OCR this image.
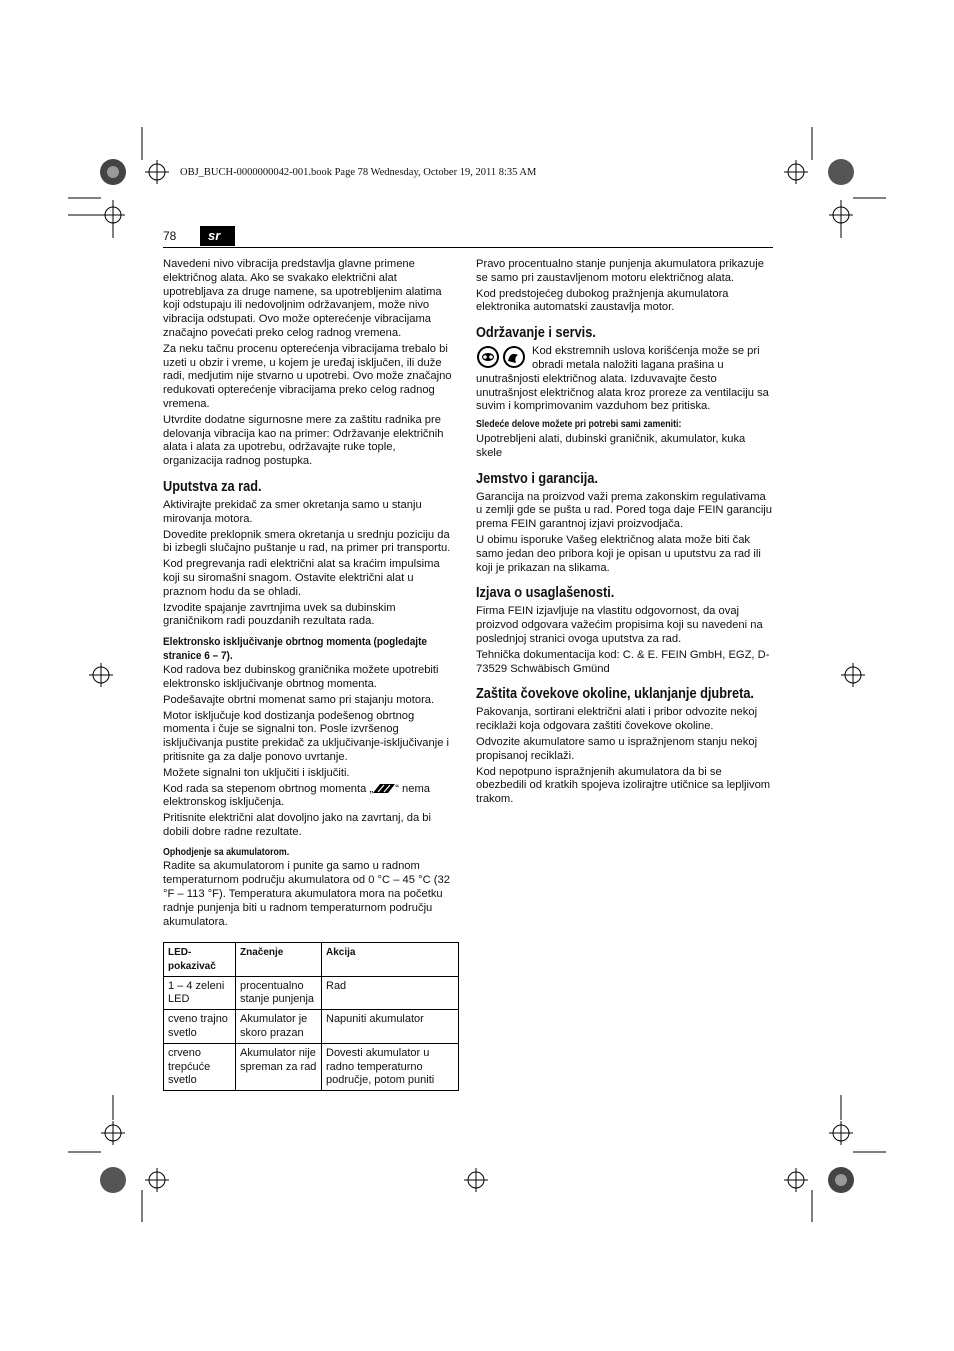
OBJ_BUCH-0000000042-001.book Page 78 Wednesday, October 19, 2011 8:35 AM
78	sr

Navedeni nivo vibracija predstavlja glavne primene električnog alata. Ako se svakako električni alat upotrebljava za druge namene, sa upotrebljenim alatima koji odstupaju ili nedovoljnim održavanjem, može nivo vibracija odstupati. Ovo može opterećenje vibracijama značajno povećati preko celog radnog vremena.

Za neku tačnu procenu opterećenja vibracijama trebalo bi uzeti u obzir i vreme, u kojem je uređaj isključen, ili duže radi, medjutim nije stvarno u upotrebi. Ovo može značajno redukovati opterećenje vibracijama preko celog radnog vremena.

Utvrdite dodatne sigurnosne mere za zaštitu radnika pre delovanja vibracija kao na primer: Održavanje električnih alata i alata za upotrebu, održavajte ruke tople, organizacija radnog postupka.

Uputstva za rad.

Aktivirajte prekidač za smer okretanja samo u stanju mirovanja motora.

Dovedite preklopnik smera okretanja u srednju poziciju da bi izbegli slučajno puštanje u rad, na primer pri transportu.

Kod pregrevanja radi električni alat sa kraćim impulsima koji su siromašni snagom. Ostavite električni alat u praznom hodu da se ohladi.

Izvodite spajanje zavrtnjima uvek sa dubinskim graničnikom radi pouzdanih rezultata rada.

Elektronsko isključivanje obrtnog momenta (pogledajte stranice 6 – 7).

Kod radova bez dubinskog graničnika možete upotrebiti elektronsko isključivanje obrtnog momenta.

Podešavajte obrtni momenat samo pri stajanju motora.

Motor isključuje kod dostizanja podešenog obrtnog momenta i čuje se signalni ton. Posle izvršenog isključivanja pustite prekidač za uključivanje-isključivanje i pritisnite ga za dalje ponovo uvrtanje.

Možete signalni ton uključiti i isključiti.

Kod rada sa stepenom obrtnog momenta „ “ nema elektronskog isključenja.

Pritisnite električni alat dovoljno jako na zavrtanj, da bi dobili dobre radne rezultate.

Ophodjenje sa akumulatorom.

Radite sa akumulatorom i punite ga samo u radnom temperaturnom području akumulatora od 0 °C – 45 °C (32 °F – 113 °F). Temperatura akumulatora mora na početku radnje punjenja biti u radnom temperaturnom području akumulatora.

LED-pokazivač	Značenje	Akcija
1 – 4 zeleni LED	procentualno stanje punjenja	Rad
cveno trajno svetlo	Akumulator je skoro prazan	Napuniti akumulator
crveno trepćuće svetlo	Akumulator nije spreman za rad	Dovesti akumulator u radno temperaturno područje, potom puniti

Pravo procentualno stanje punjenja akumulatora prikazuje se samo pri zaustavljenom motoru električnog alata.

Kod predstojećeg dubokog pražnjenja akumulatora elektronika automatski zaustavlja motor.

Održavanje i servis.

Kod ekstremnih uslova korišćenja može se pri obradi metala naložiti lagana prašina u unutrašnjosti električnog alata. Izduvavajte često unutrašnjost električnog alata kroz proreze za ventilaciju sa suvim i komprimovanim vazduhom bez pritiska.

Sledeće delove možete pri potrebi sami zameniti:

Upotrebljeni alati, dubinski graničnik, akumulator, kuka skele

Jemstvo i garancija.

Garancija na proizvod važi prema zakonskim regulativama u zemlji gde se pušta u rad. Pored toga daje FEIN garanciju prema FEIN garantnoj izjavi proizvodjača.

U obimu isporuke Vašeg električnog alata može biti čak samo jedan deo pribora koji je opisan u uputstvu za rad ili koji je prikazan na slikama.

Izjava o usaglašenosti.

Firma FEIN izjavljuje na vlastitu odgovornost, da ovaj proizvod odgovara važećim propisima koji su navedeni na poslednjoj stranici ovoga uputstva za rad.

Tehnička dokumentacija kod: C. & E. FEIN GmbH, EGZ, D-73529 Schwäbisch Gmünd

Zaštita čovekove okoline, uklanjanje djubreta.

Pakovanja, sortirani električni alati i pribor odvozite nekoj reciklaži koja odgovara zaštiti čovekove okoline.

Odvozite akumulatore samo u ispražnjenom stanju nekoj propisanoj reciklaži.

Kod nepotpuno ispražnjenih akumulatora da bi se obezbedili od kratkih spojeva izolirajtre utičnice sa lepljivom trakom.
